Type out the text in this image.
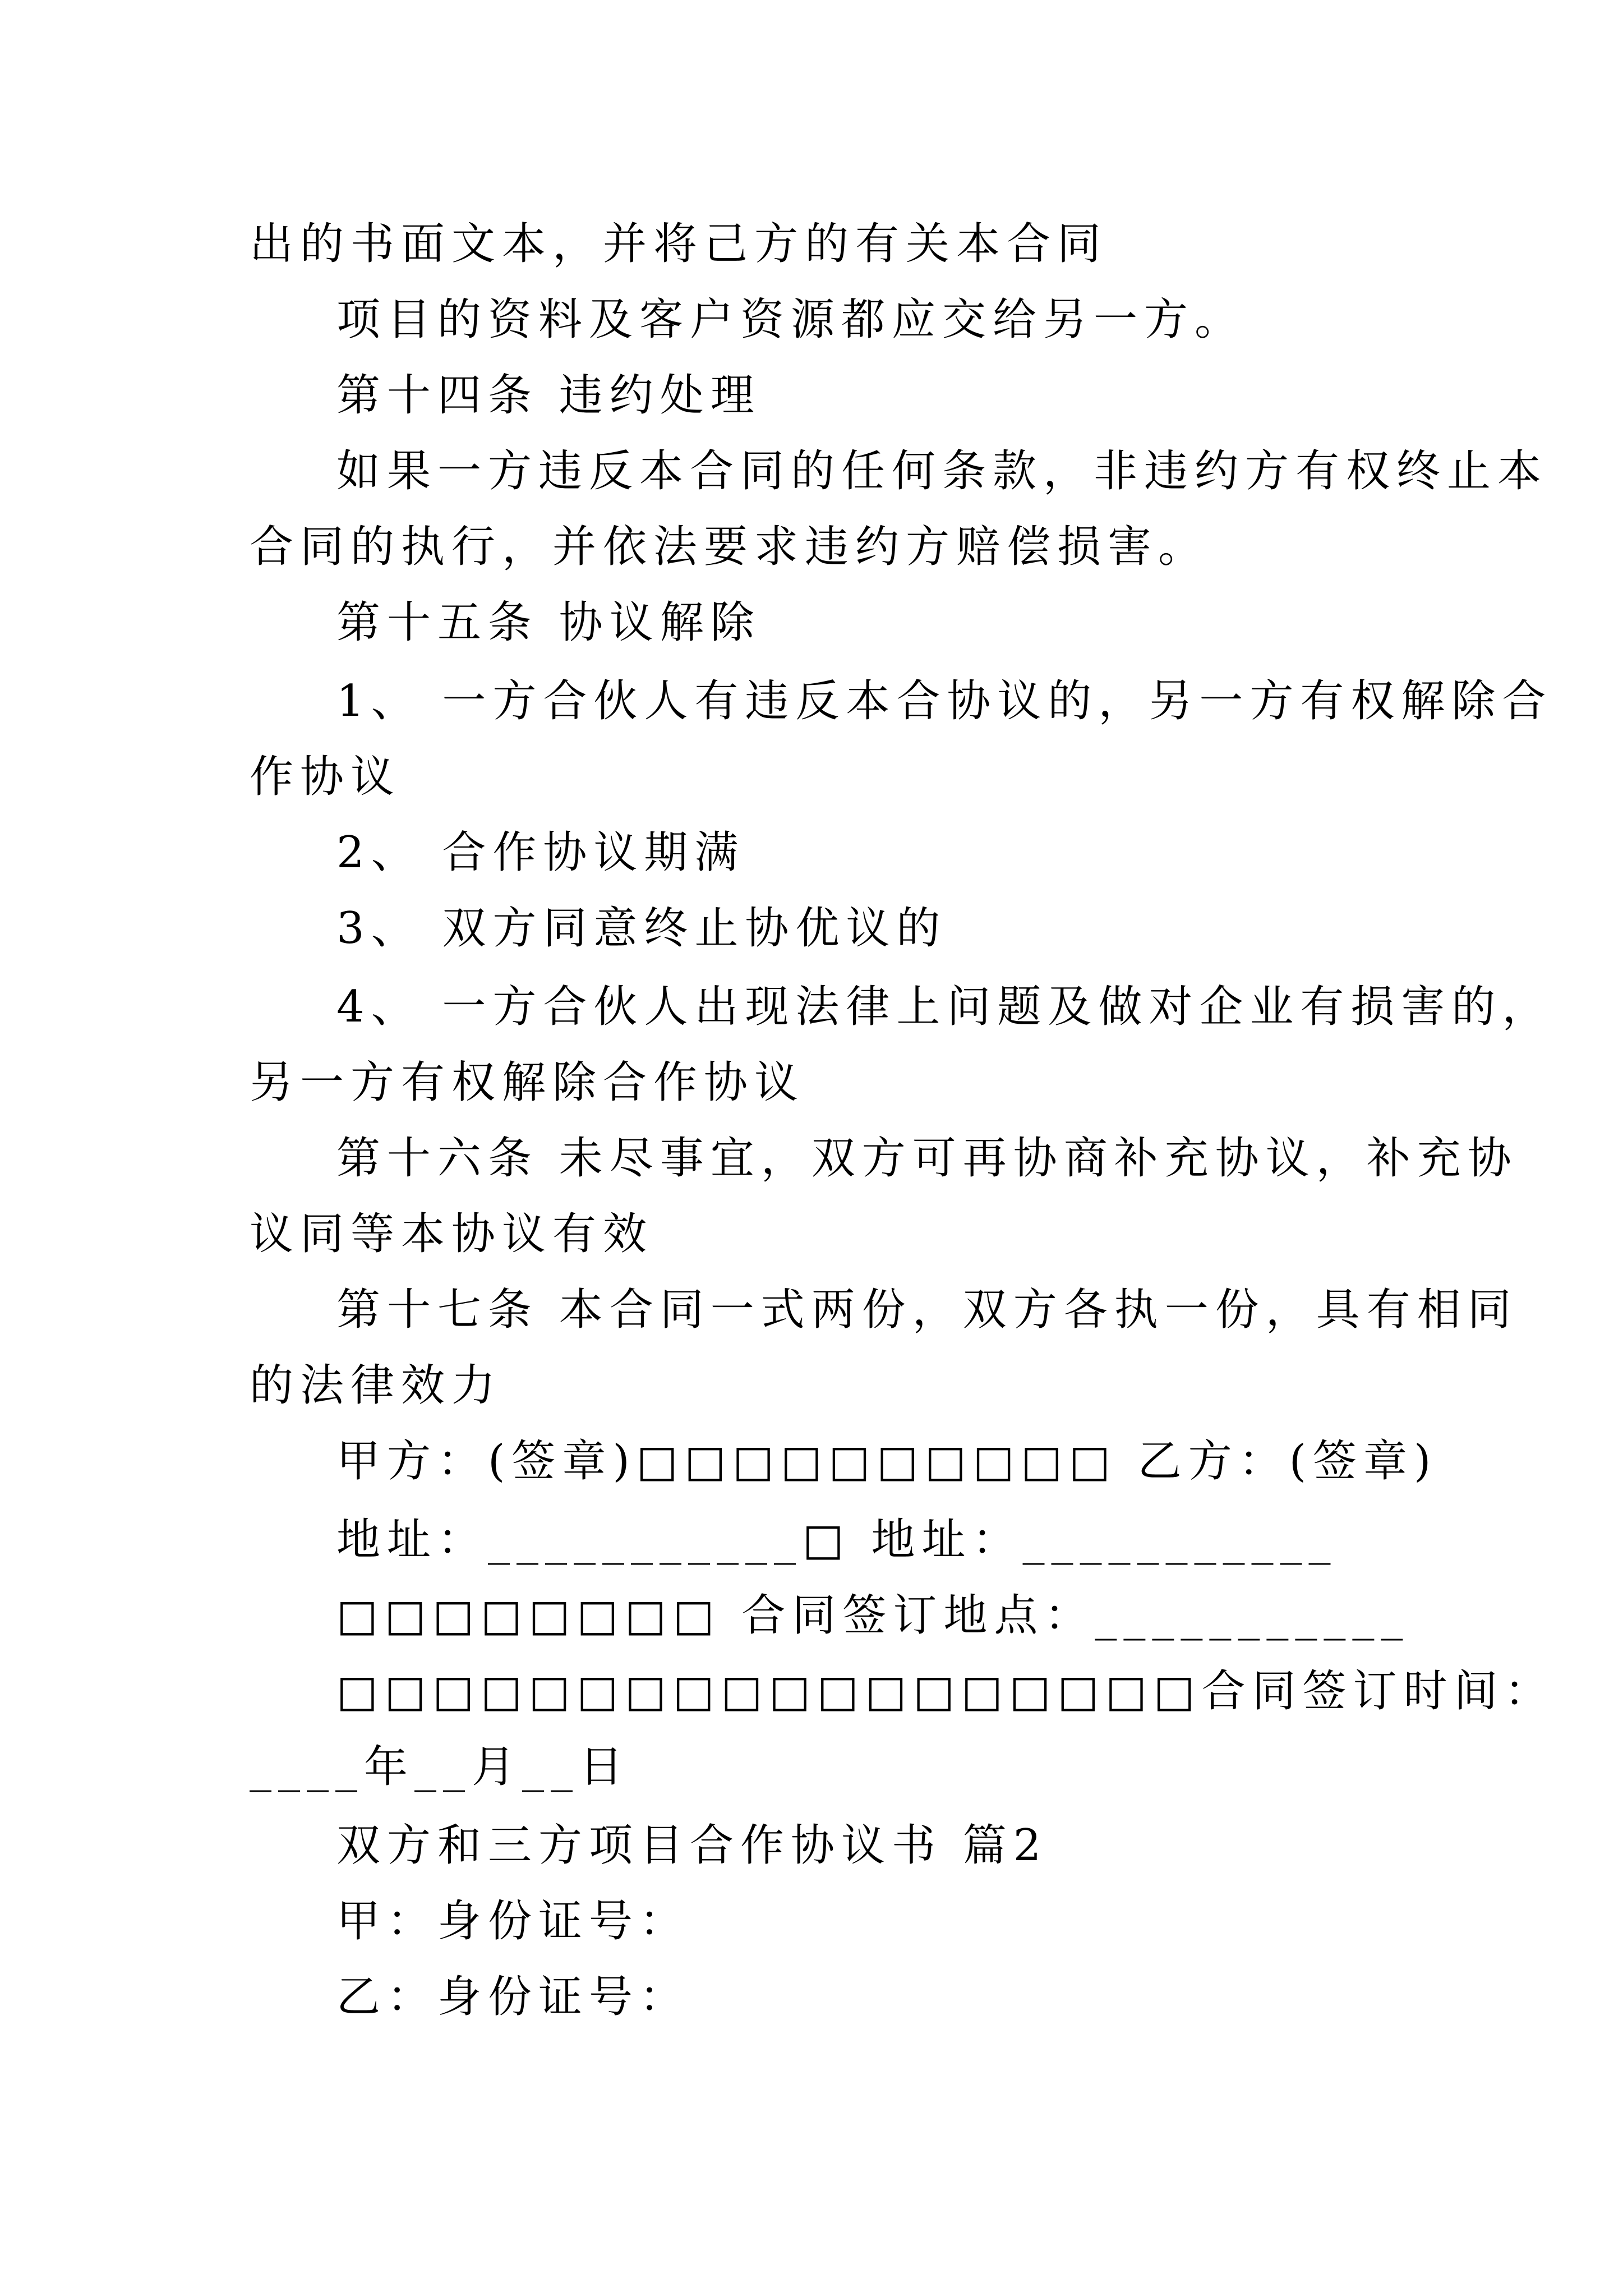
出的书面文本，并将己方的有关本合同
项目的资料及客户资源都应交给另一方。
第十四条 违约处理
如果一方违反本合同的任何条款，非违约方有权终止本
合同的执行，并依法要求违约方赔偿损害。
第十五条 协议解除
1、 一方合伙人有违反本合协议的，另一方有权解除合
作协议
2、 合作协议期满
3、 双方同意终止协优议的
4、 一方合伙人出现法律上问题及做对企业有损害的，
另一方有权解除合作协议
第十六条 未尽事宜，双方可再协商补充协议，补充协
议同等本协议有效
第十七条 本合同一式两份，双方各执一份，具有相同
的法律效力
甲方：(签章)□□□□□□□□□□ 乙方：(签章)
地址：___________□ 地址：___________
□□□□□□□□ 合同签订地点：___________
□□□□□□□□□□□□□□□□□□合同签订时间：
____年__月__日
双方和三方项目合作协议书 篇2
甲：身份证号：
乙：身份证号：
